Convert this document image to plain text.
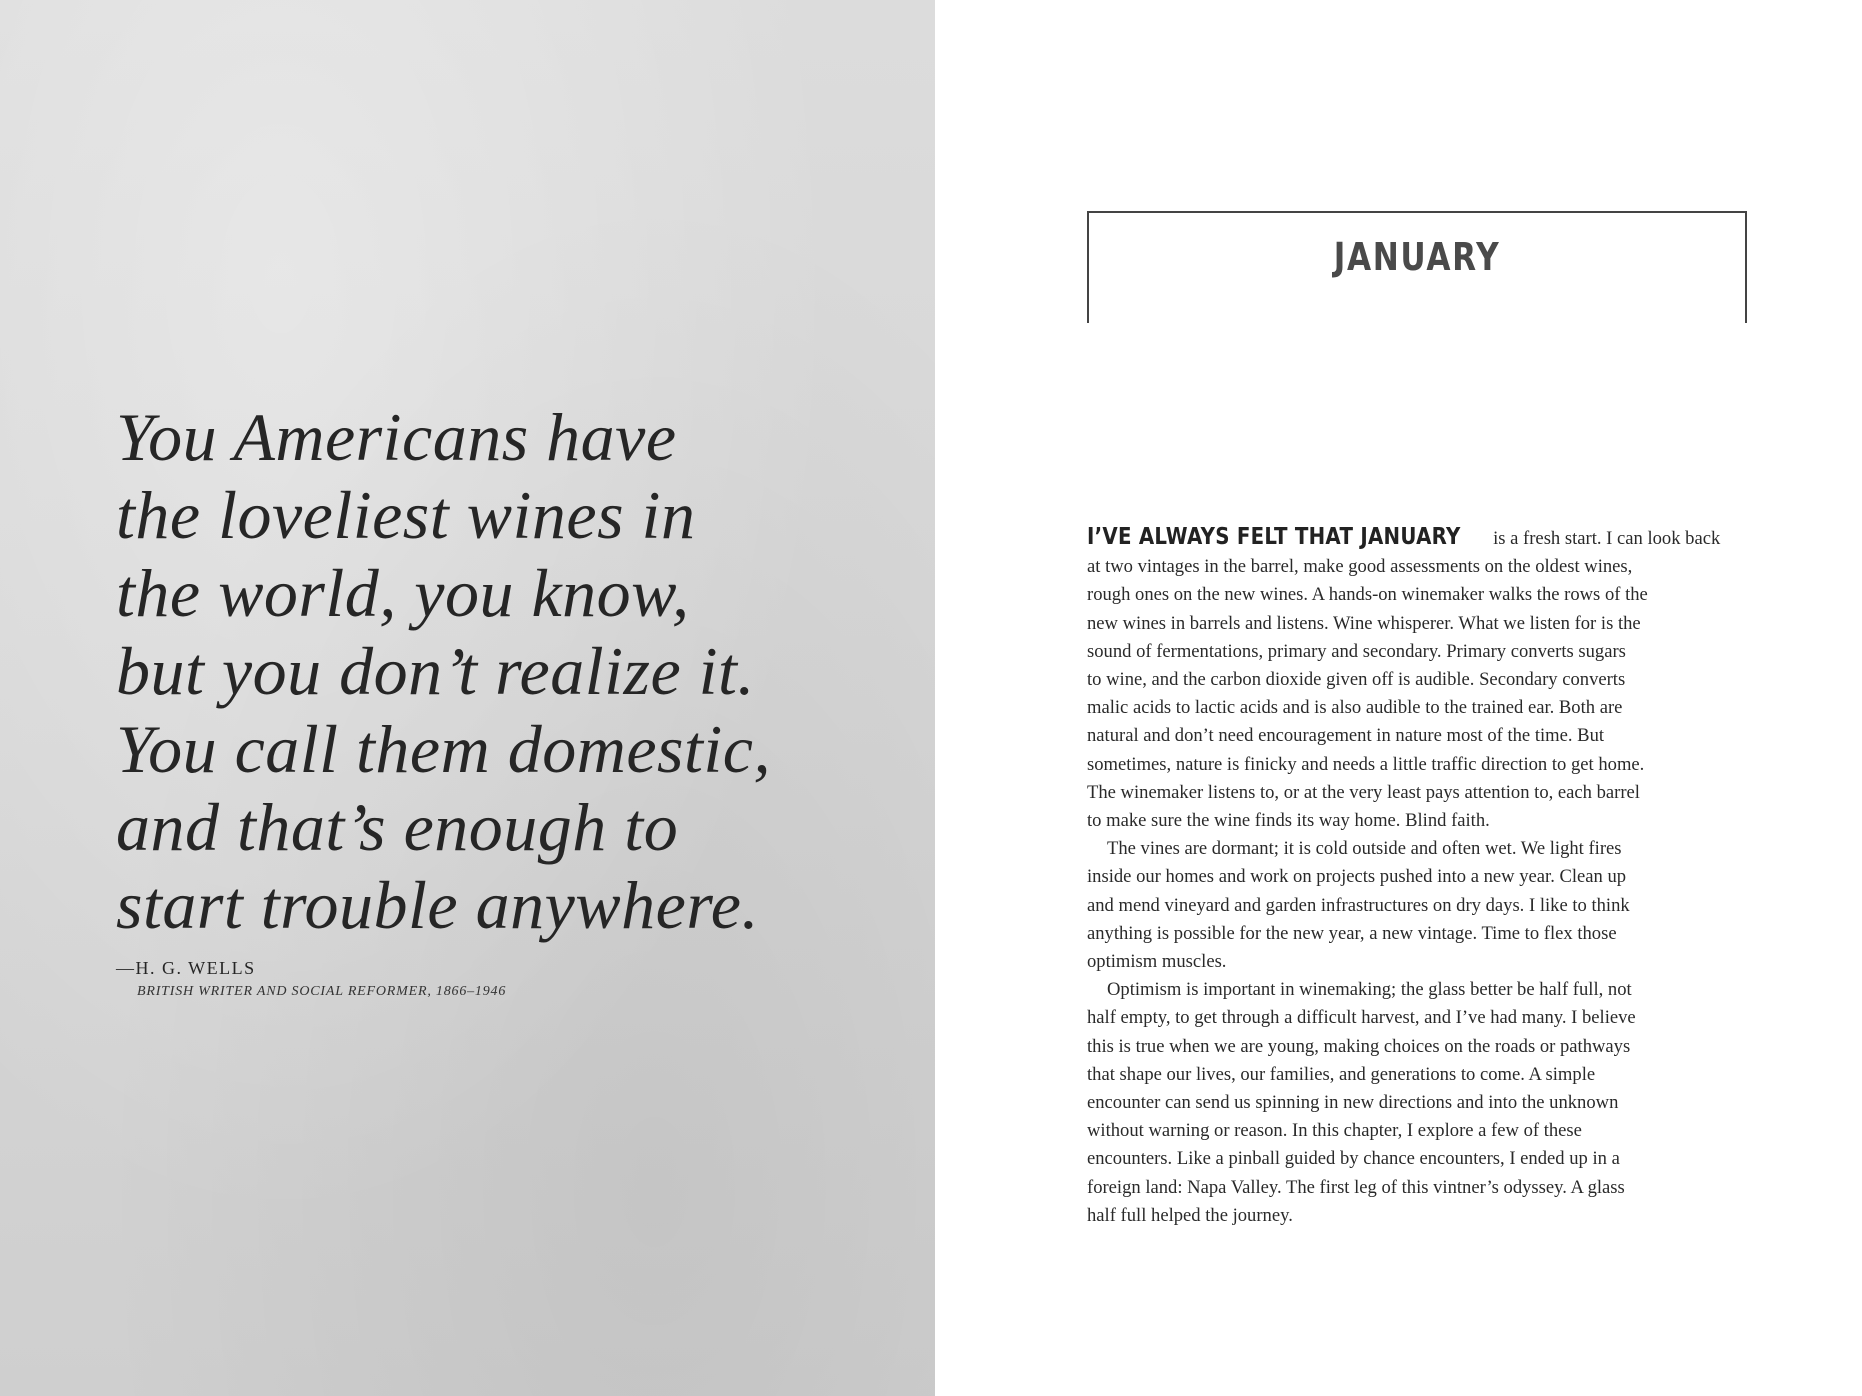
You Americans have
the loveliest wines in
the world, you know,
but you don’t realize it.
You call them domestic,
and that’s enough to
start trouble anywhere.
—H. G. WELLS
BRITISH WRITER AND SOCIAL REFORMER, 1866–1946
JANUARY
I’VE ALWAYS FELT THAT JANUARY is a fresh start. I can look back
at two vintages in the barrel, make good assessments on the oldest wines,
rough ones on the new wines. A hands-on winemaker walks the rows of the
new wines in barrels and listens. Wine whisperer. What we listen for is the
sound of fermentations, primary and secondary. Primary converts sugars
to wine, and the carbon dioxide given off is audible. Secondary converts
malic acids to lactic acids and is also audible to the trained ear. Both are
natural and don’t need encouragement in nature most of the time. But
sometimes, nature is finicky and needs a little traffic direction to get home.
The winemaker listens to, or at the very least pays attention to, each barrel
to make sure the wine finds its way home. Blind faith.
The vines are dormant; it is cold outside and often wet. We light fires
inside our homes and work on projects pushed into a new year. Clean up
and mend vineyard and garden infrastructures on dry days. I like to think
anything is possible for the new year, a new vintage. Time to flex those
optimism muscles.
Optimism is important in winemaking; the glass better be half full, not
half empty, to get through a difficult harvest, and I’ve had many. I believe
this is true when we are young, making choices on the roads or pathways
that shape our lives, our families, and generations to come. A simple
encounter can send us spinning in new directions and into the unknown
without warning or reason. In this chapter, I explore a few of these
encounters. Like a pinball guided by chance encounters, I ended up in a
foreign land: Napa Valley. The first leg of this vintner’s odyssey. A glass
half full helped the journey.
